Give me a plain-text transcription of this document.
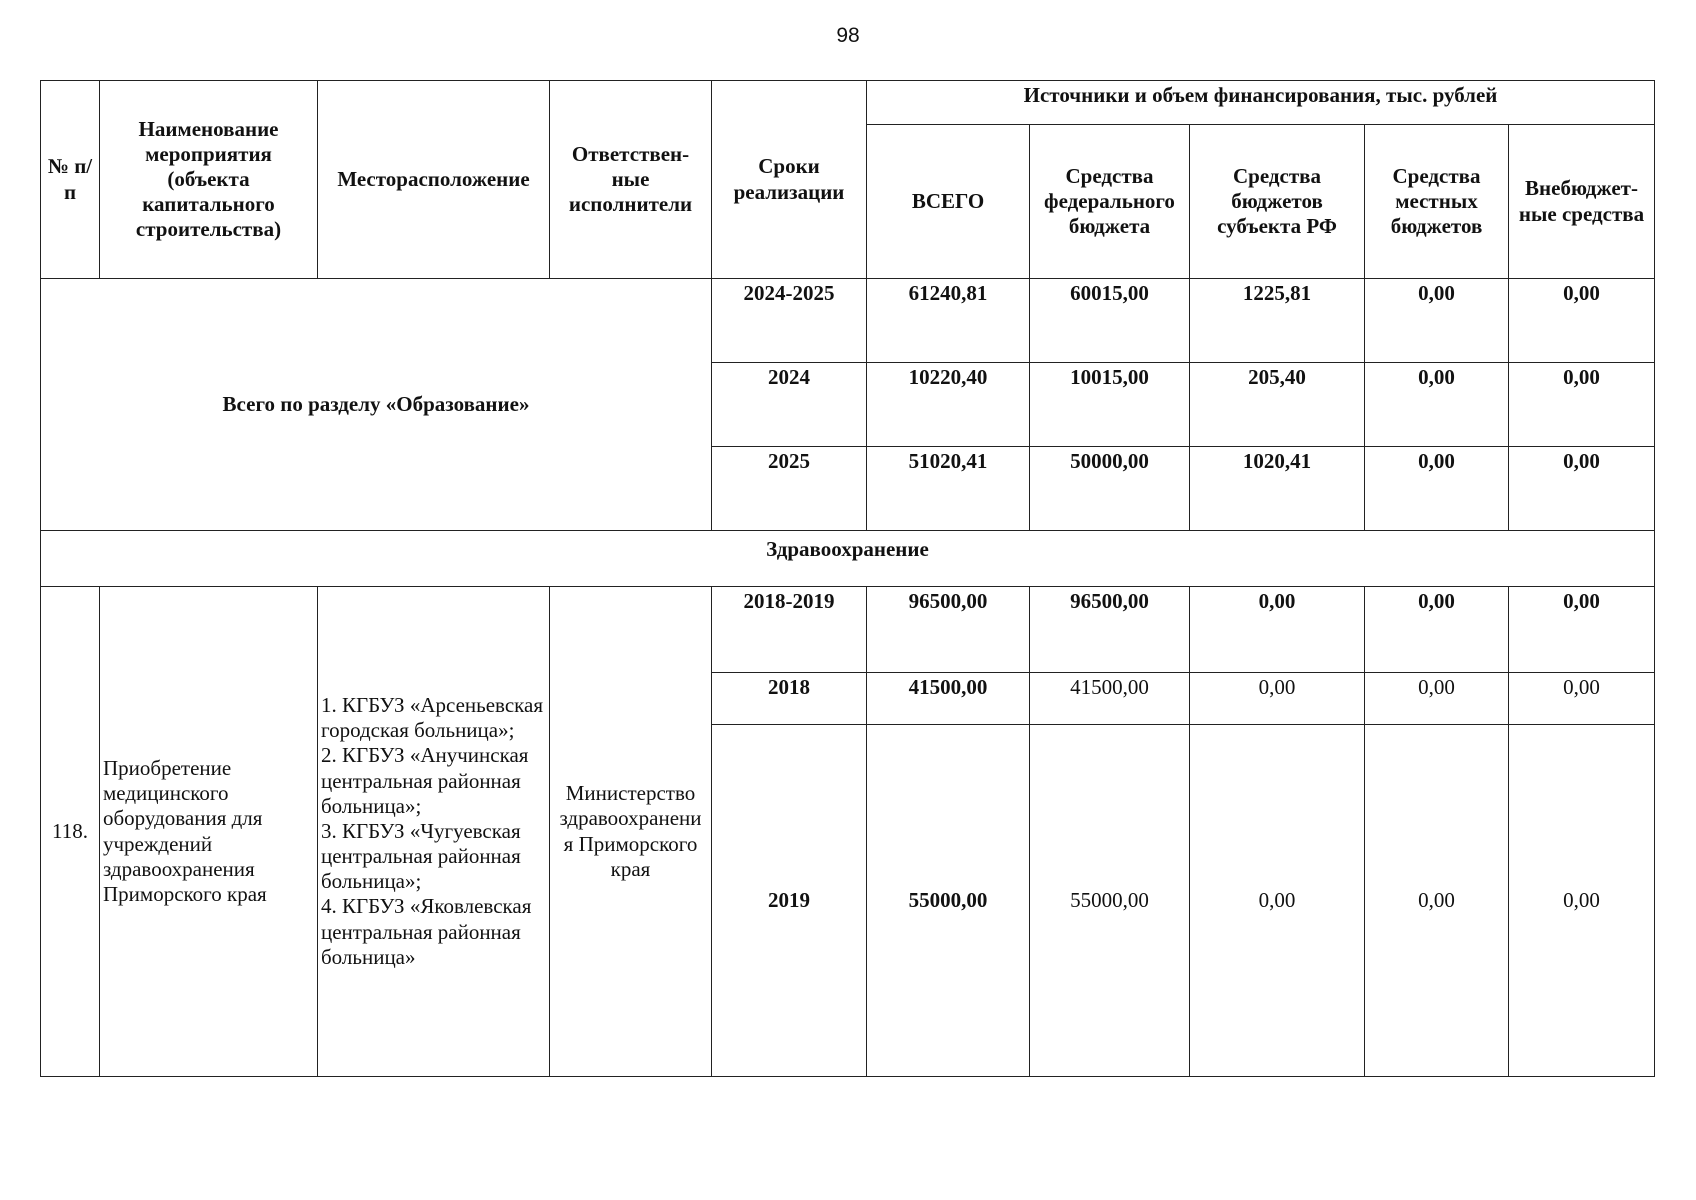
98
№ п/п	Наименование мероприятия (объекта капитального строительства)	Месторасположение	Ответствен-ные исполнители	Сроки реализации	Источники и объем финансирования, тыс. рублей				
					ВСЕГО	Средства федерального бюджета	Средства бюджетов субъекта РФ	Средства местных бюджетов	Внебюджет-ные средства
Всего по разделу «Образование»				2024-2025	61240,81	60015,00	1225,81	0,00	0,00
				2024	10220,40	10015,00	205,40	0,00	0,00
				2025	51020,41	50000,00	1020,41	0,00	0,00
Здравоохранение									
118.	Приобретение медицинского оборудования для учреждений здравоохранения Приморского края	1. КГБУЗ «Арсеньевская городская больница»;
2. КГБУЗ «Анучинская центральная районная больница»;
3. КГБУЗ «Чугуевская центральная районная больница»;
4. КГБУЗ «Яковлевская центральная районная больница»	Министерство здравоохранени я Приморского края	2018-2019	96500,00	96500,00	0,00	0,00	0,00
				2018	41500,00	41500,00	0,00	0,00	0,00
				2019	55000,00	55000,00	0,00	0,00	0,00
